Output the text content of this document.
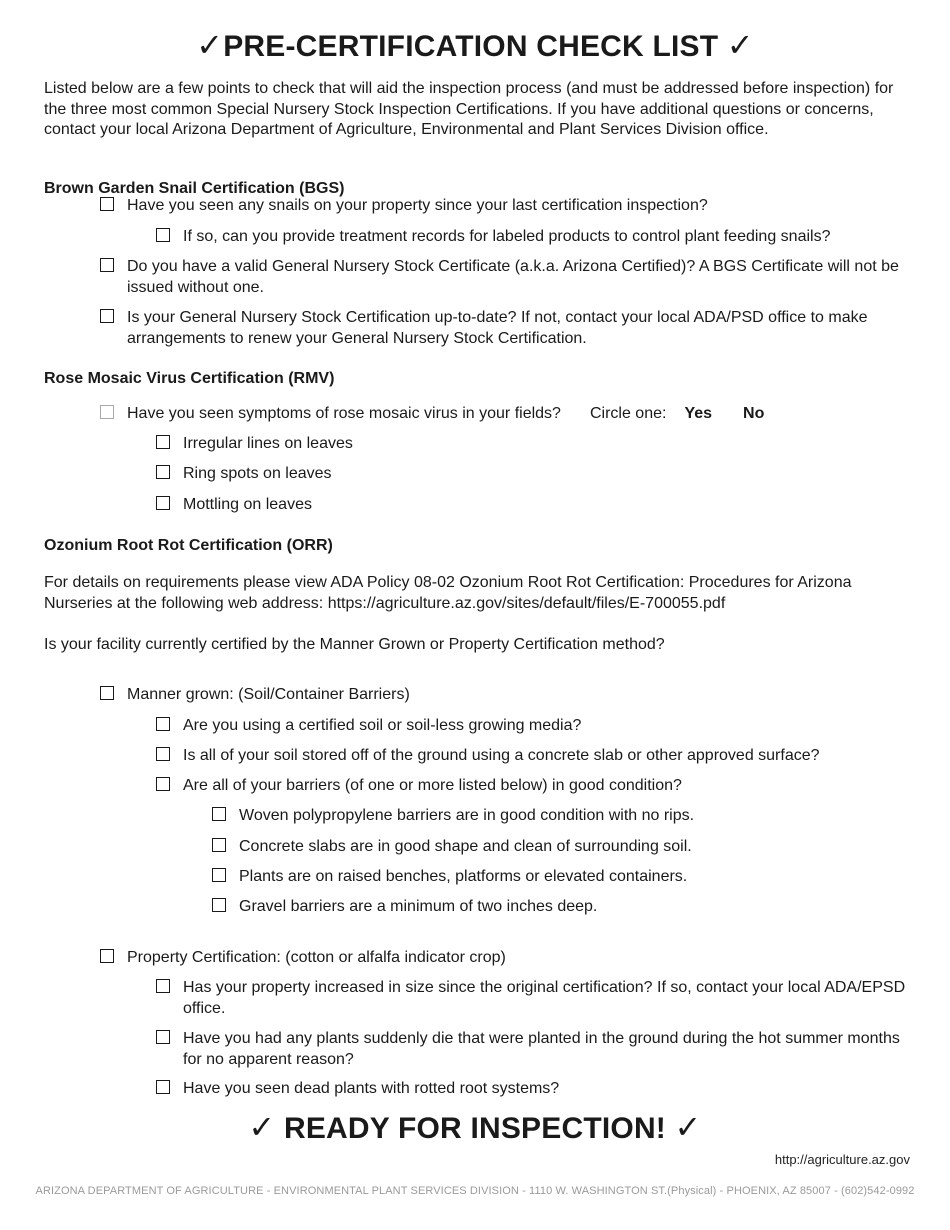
✓PRE-CERTIFICATION CHECK LIST ✓
Listed below are a few points to check that will aid the inspection process (and must be addressed before inspection) for the three most common Special Nursery Stock Inspection Certifications. If you have additional questions or concerns, contact your local Arizona Department of Agriculture, Environmental and Plant Services Division office.
Brown Garden Snail Certification (BGS)
Have you seen any snails on your property since your last certification inspection?
If so, can you provide treatment records for labeled products to control plant feeding snails?
Do you have a valid General Nursery Stock Certificate (a.k.a. Arizona Certified)? A BGS Certificate will not be issued without one.
Is your General Nursery Stock Certification up-to-date? If not, contact your local ADA/PSD office to make arrangements to renew your General Nursery Stock Certification.
Rose Mosaic Virus Certification (RMV)
Have you seen symptoms of rose mosaic virus in your fields? Circle one: Yes No
Irregular lines on leaves
Ring spots on leaves
Mottling on leaves
Ozonium Root Rot Certification (ORR)
For details on requirements please view ADA Policy 08-02 Ozonium Root Rot Certification: Procedures for Arizona Nurseries at the following web address: https://agriculture.az.gov/sites/default/files/E-700055.pdf
Is your facility currently certified by the Manner Grown or Property Certification method?
Manner grown: (Soil/Container Barriers)
Are you using a certified soil or soil-less growing media?
Is all of your soil stored off of the ground using a concrete slab or other approved surface?
Are all of your barriers (of one or more listed below) in good condition?
Woven polypropylene barriers are in good condition with no rips.
Concrete slabs are in good shape and clean of surrounding soil.
Plants are on raised benches, platforms or elevated containers.
Gravel barriers are a minimum of two inches deep.
Property Certification: (cotton or alfalfa indicator crop)
Has your property increased in size since the original certification? If so, contact your local ADA/EPSD office.
Have you had any plants suddenly die that were planted in the ground during the hot summer months for no apparent reason?
Have you seen dead plants with rotted root systems?
✓ READY FOR INSPECTION! ✓
http://agriculture.az.gov
ARIZONA DEPARTMENT OF AGRICULTURE - ENVIRONMENTAL PLANT SERVICES DIVISION - 1110 W. WASHINGTON ST.(Physical) - PHOENIX, AZ 85007 - (602)542-0992
